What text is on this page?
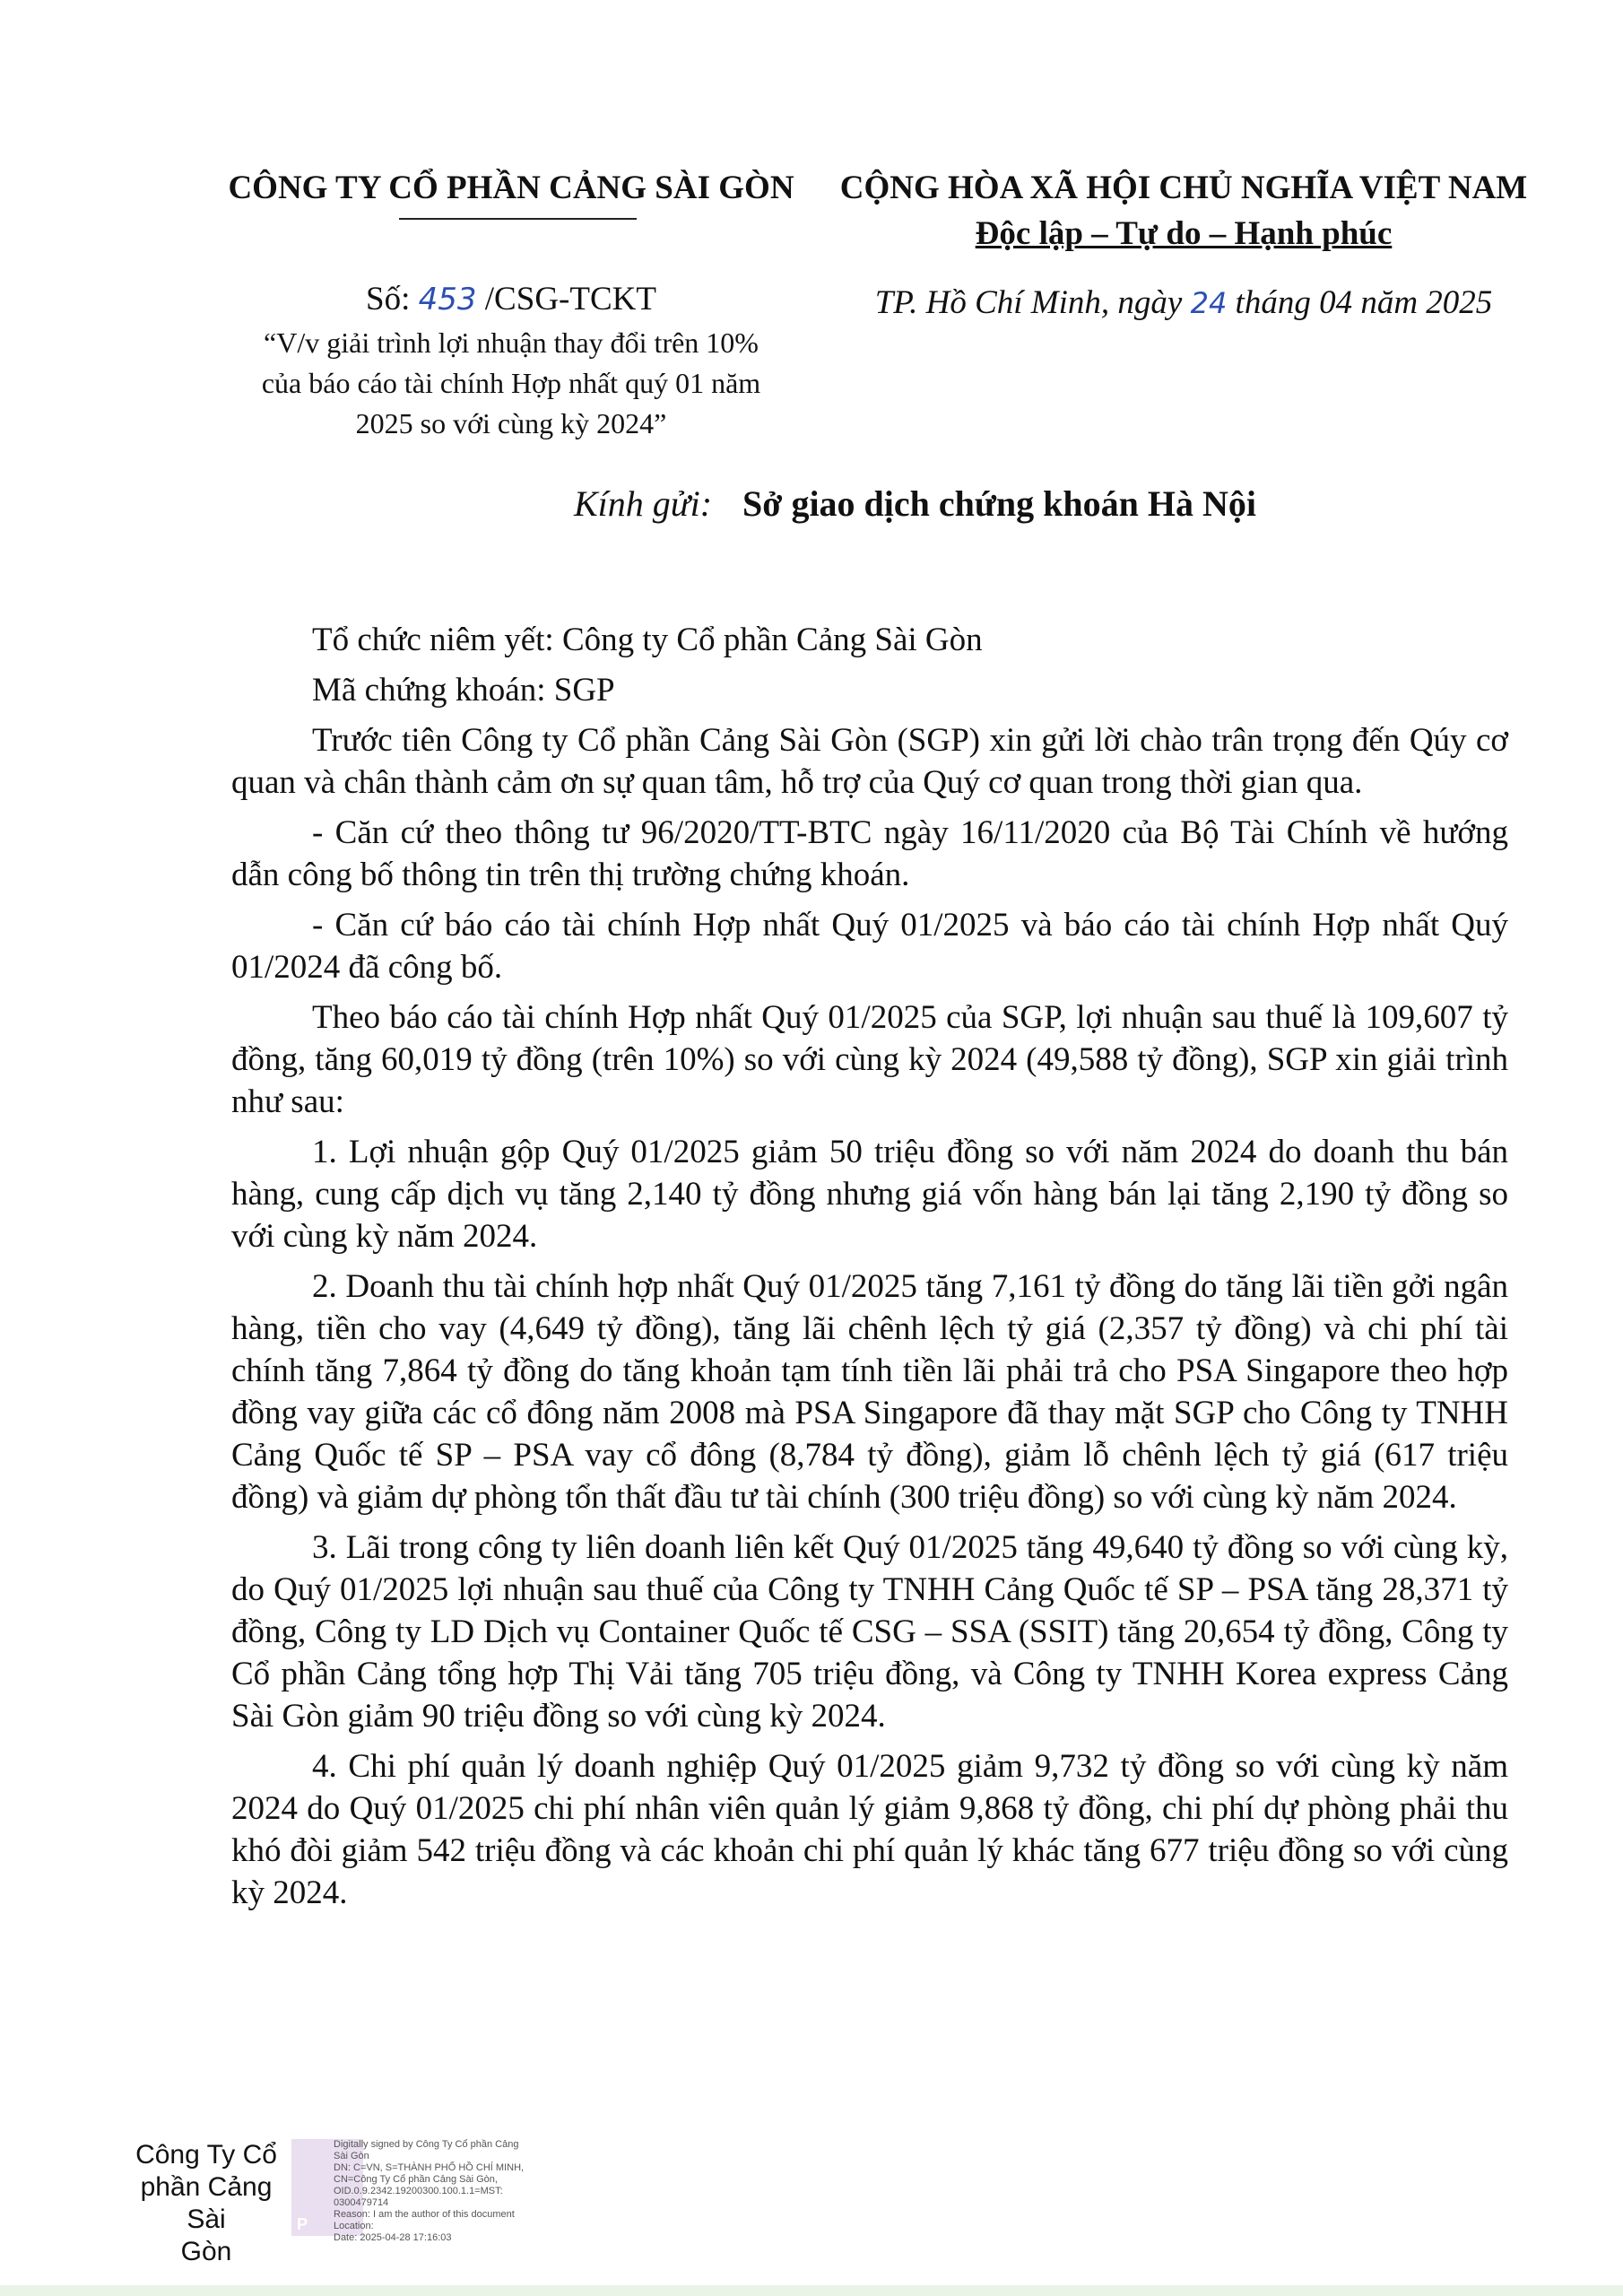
CÔNG TY CỔ PHẦN CẢNG SÀI GÒN	CỘNG HÒA XÃ HỘI CHỦ NGHĨA VIỆT NAM
Độc lập – Tự do – Hạnh phúc
Số: 453 /CSG-TCKT
“V/v giải trình lợi nhuận thay đổi trên 10%
của báo cáo tài chính Hợp nhất quý 01 năm
2025 so với cùng kỳ 2024”
TP. Hồ Chí Minh, ngày 24 tháng 04 năm 2025
Kính gửi: Sở giao dịch chứng khoán Hà Nội

Tổ chức niêm yết: Công ty Cổ phần Cảng Sài Gòn

Mã chứng khoán: SGP

Trước tiên Công ty Cổ phần Cảng Sài Gòn (SGP) xin gửi lời chào trân trọng đến Qúy cơ quan và chân thành cảm ơn sự quan tâm, hỗ trợ của Quý cơ quan trong thời gian qua.

- Căn cứ theo thông tư 96/2020/TT-BTC ngày 16/11/2020 của Bộ Tài Chính về hướng dẫn công bố thông tin trên thị trường chứng khoán.

- Căn cứ báo cáo tài chính Hợp nhất Quý 01/2025 và báo cáo tài chính Hợp nhất Quý 01/2024 đã công bố.

Theo báo cáo tài chính Hợp nhất Quý 01/2025 của SGP, lợi nhuận sau thuế là 109,607 tỷ đồng, tăng 60,019 tỷ đồng (trên 10%) so với cùng kỳ 2024 (49,588 tỷ đồng), SGP xin giải trình như sau:

1. Lợi nhuận gộp Quý 01/2025 giảm 50 triệu đồng so với năm 2024 do doanh thu bán hàng, cung cấp dịch vụ tăng 2,140 tỷ đồng nhưng giá vốn hàng bán lại tăng 2,190 tỷ đồng so với cùng kỳ năm 2024.

2. Doanh thu tài chính hợp nhất Quý 01/2025 tăng 7,161 tỷ đồng do tăng lãi tiền gởi ngân hàng, tiền cho vay (4,649 tỷ đồng), tăng lãi chênh lệch tỷ giá (2,357 tỷ đồng) và chi phí tài chính tăng 7,864 tỷ đồng do tăng khoản tạm tính tiền lãi phải trả cho PSA Singapore theo hợp đồng vay giữa các cổ đông năm 2008 mà PSA Singapore đã thay mặt SGP cho Công ty TNHH Cảng Quốc tế SP – PSA vay cổ đông (8,784 tỷ đồng), giảm lỗ chênh lệch tỷ giá (617 triệu đồng) và giảm dự phòng tổn thất đầu tư tài chính (300 triệu đồng) so với cùng kỳ năm 2024.

3. Lãi trong công ty liên doanh liên kết Quý 01/2025 tăng 49,640 tỷ đồng so với cùng kỳ, do Quý 01/2025 lợi nhuận sau thuế của Công ty TNHH Cảng Quốc tế SP – PSA tăng 28,371 tỷ đồng, Công ty LD Dịch vụ Container Quốc tế CSG – SSA (SSIT) tăng 20,654 tỷ đồng, Công ty Cổ phần Cảng tổng hợp Thị Vải tăng 705 triệu đồng, và Công ty TNHH Korea express Cảng Sài Gòn giảm 90 triệu đồng so với cùng kỳ 2024.

4. Chi phí quản lý doanh nghiệp Quý 01/2025 giảm 9,732 tỷ đồng so với cùng kỳ năm 2024 do Quý 01/2025 chi phí nhân viên quản lý giảm 9,868 tỷ đồng, chi phí dự phòng phải thu khó đòi giảm 542 triệu đồng và các khoản chi phí quản lý khác tăng 677 triệu đồng so với cùng kỳ 2024.

Công Ty Cổ
phần Cảng Sài
Gòn
P
Digitally signed by Công Ty Cổ phần Cảng
Sài Gòn
DN: C=VN, S=THÀNH PHỐ HỒ CHÍ MINH,
CN=Công Ty Cổ phần Cảng Sài Gòn,
OID.0.9.2342.19200300.100.1.1=MST:
0300479714
Reason: I am the author of this document
Location:
Date: 2025-04-28 17:16:03
